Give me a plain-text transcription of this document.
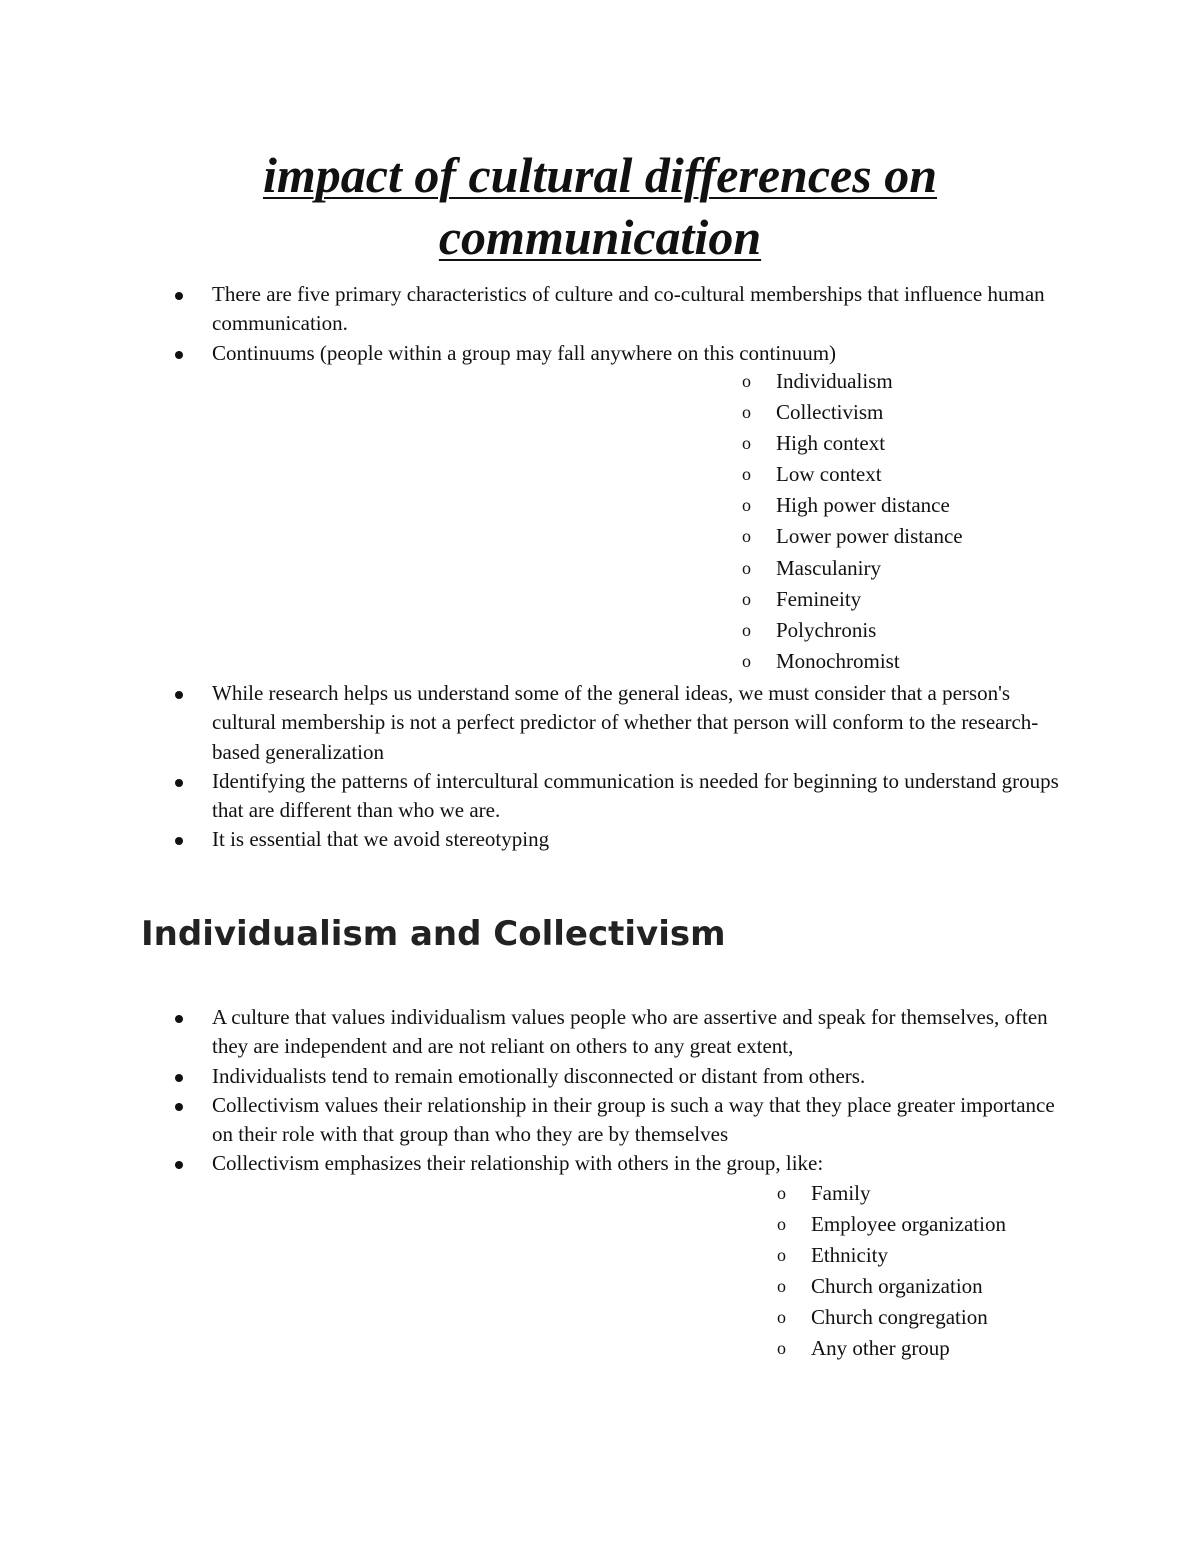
impact of cultural differences on communication
There are five primary characteristics of culture and co-cultural memberships that influence human communication.
Continuums (people within a group may fall anywhere on this continuum)
o Individualism
o Collectivism
o High context
o Low context
o High power distance
o Lower power distance
o Masculaniry
o Femineity
o Polychronis
o Monochromist
While research helps us understand some of the general ideas, we must consider that a person's cultural membership is not a perfect predictor of whether that person will conform to the research-based generalization
Identifying the patterns of intercultural communication is needed for beginning to understand groups that are different than who we are.
It is essential that we avoid stereotyping
Individualism and Collectivism
A culture that values individualism values people who are assertive and speak for themselves, often they are independent and are not reliant on others to any great extent,
Individualists tend to remain emotionally disconnected or distant from others.
Collectivism values their relationship in their group is such a way that they place greater importance on their role with that group than who they are by themselves
Collectivism emphasizes their relationship with others in the group, like:
o Family
o Employee organization
o Ethnicity
o Church organization
o Church congregation
o Any other group
